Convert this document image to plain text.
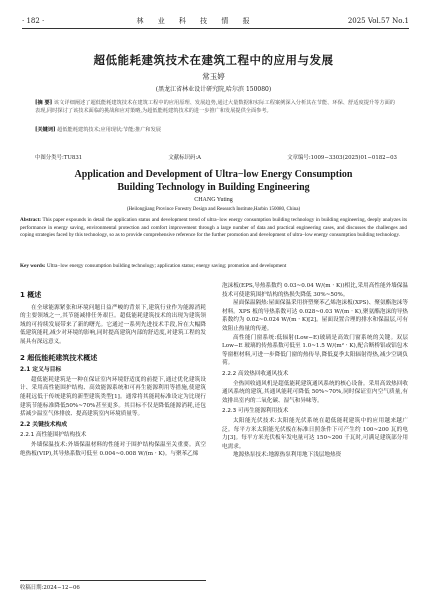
· 182 ·	林 业 科 技 情 报	2025 Vol.57 No.1
超低能耗建筑技术在建筑工程中的应用与发展
常玉婷
(黑龙江省林业设计研究院,哈尔滨 150080)
[摘 要] 该文详细阐述了超低能耗建筑技术在建筑工程中的应用原理、发展趋势,通过大量数据和实际工程案例深入分析其在节能、环保、舒适度提升等方面的表现,同时探讨了该技术面临的挑战和应对策略,为超低能耗建筑技术的进一步推广和发展提供全面参考。
[关键词] 超低能耗建筑技术;应用现状;节能;推广和发展
中图分类号:TU831	文献标识码:A	文章编号:1009−3303(2025)01−0182−03
Application and Development of Ultra−low Energy Consumption
Building Technology in Building Engineering
CHANG Yuting
(Heilongjiang Province Forestry Design and Research Institute,Harbin 150080, China)
Abstract: This paper expounds in detail the application status and development trend of ultra−low energy consumption building technology in building engineering, deeply analyzes its performance in energy saving, environmental protection and comfort improvement through a large number of data and practical engineering cases, and discusses the challenges and coping strategies faced by this technology, so as to provide comprehensive reference for the further promotion and development of ultra−low energy consumption building technology.
Key words: Ultra−low energy consumption building technology; application status; energy saving; promotion and development
1 概述

在全球能源紧张和环境问题日益严峻的背景下,建筑行业作为能源消耗的主要领域之一,其节能减排任务艰巨。超低能耗建筑技术的出现为建筑领域的可持续发展带来了新的曙光。它通过一系列先进技术手段,旨在大幅降低建筑能耗,减少对环境的影响,同时提高建筑内部的舒适度,对建筑工程的发展具有深远意义。

2 超低能耗建筑技术概述
2.1 定义与目标

超低能耗建筑是一种在保证室内环境舒适度的前提下,通过优化建筑设计、采用高性能围护结构、高效能源系统和可再生能源利用等措施,使建筑能耗远低于传统建筑的新型建筑类型[1]。通常将其能耗标准设定为比现行建筑节能标准降低50%~70%甚至更多。其目标不仅是降低能源消耗,还包括减少温室气体排放、提高建筑室内环境质量等。

2.2 关键技术构成
2.2.1 高性能围护结构技术

外墙保温技术:外墙保温材料的性能对于围护结构保温至关重要。真空绝热板(VIP),其导热系数可低至 0.004~0.008 W/(m · K)。与聚苯乙烯

泡沫板(EPS,导热系数约 0.03~0.04 W/(m · K))相比,采用高性能外墙保温技术可使建筑围护结构的热损失降低 30%~50%。

屋面保温隔热:屋面保温采用挤塑聚苯乙烯泡沫板(XPS)、聚氨酯泡沫等材料。XPS 板的导热系数可达 0.028~0.03 W/(m · K),聚氨酯泡沫的导热系数约为 0.02~0.024 W/(m · K)[2]。屋面设置合理的排水和保温层,可有效阻止热量的传递。

高性能门窗系统:低辐射(Low−E)玻璃是高效门窗系统的关键。双层 Low−E 玻璃的传热系数可低至 1.0~1.5 W/(m² · K),配合断桥铝或铝包木等窗框材料,可进一步降低门窗的热传导,降低夏季太阳辐射得热,减少空调负荷。

2.2.2 高效热回收通风技术

全热回收通风机是超低能耗建筑通风系统的核心设备。采用高效热回收通风系统的建筑,其通风能耗可降低 50%~70%,同时保证室内空气质量,有效排出室内的二氧化碳、湿气和异味等。

2.2.3 可再生能源利用技术

太阳能光伏技术:太阳能光伏系统在超低能耗建筑中的应用越来越广泛。每平方米太阳能光伏板在标准日照条件下可产生约 100~200 瓦的电力[3]。每平方米光伏板年发电量可达 150~200 千瓦时,可满足建筑部分用电需求。

地源热泵技术:地源热泵利用地下浅层地热资

收稿日期:2024−12−06
